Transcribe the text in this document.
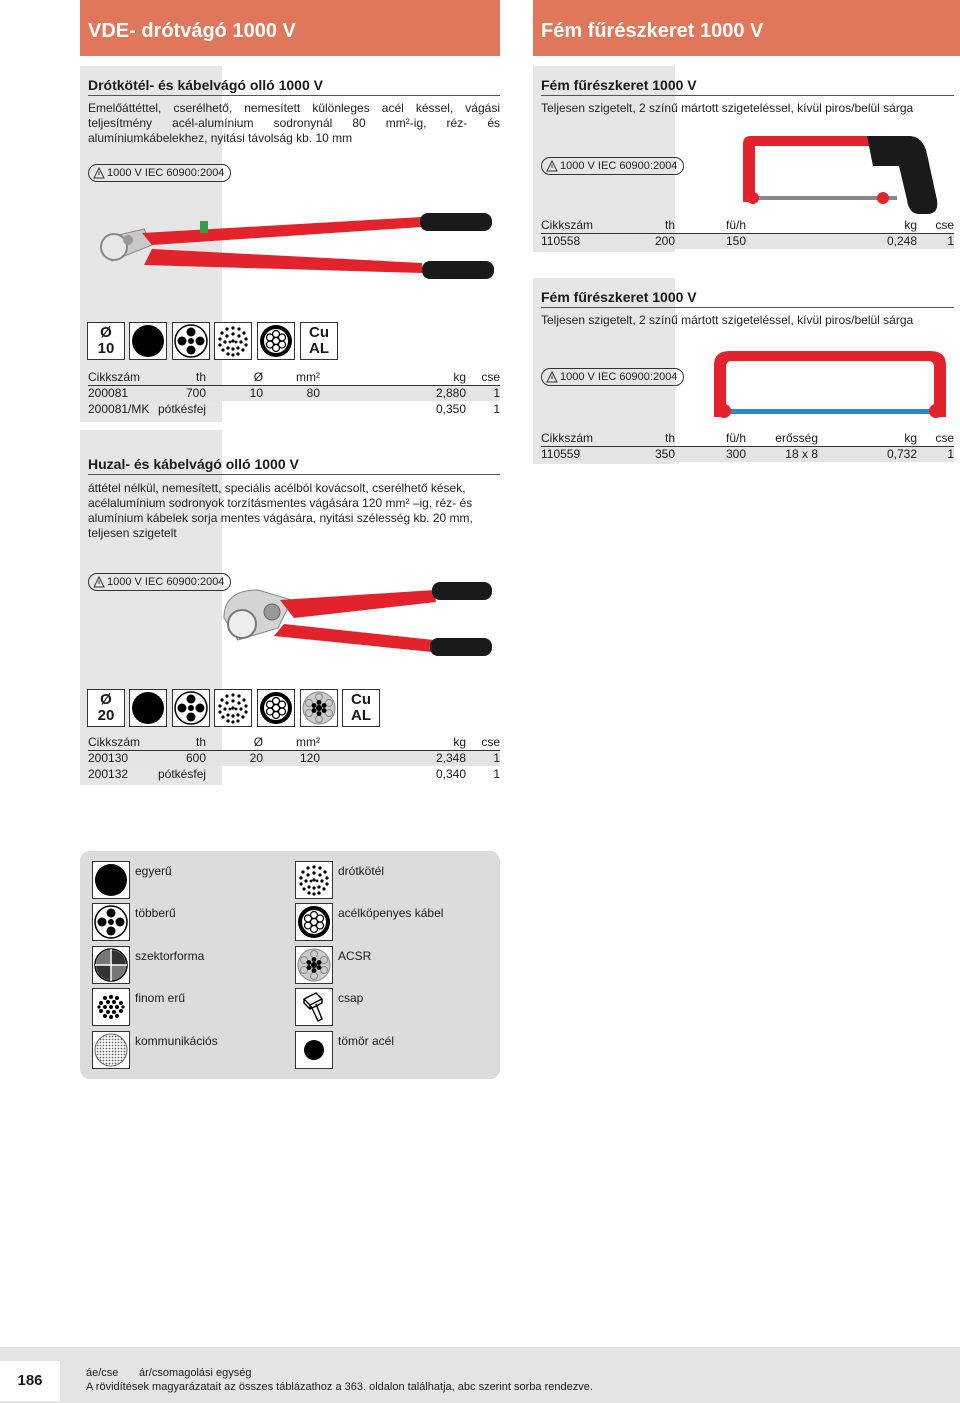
VDE- drótvágó 1000 V	Fém fűrészkeret 1000 V
Drótkötél- és kábelvágó olló 1000 V
Emelőáttéttel, cserélhető, nemesített különleges acél késsel, vágási teljesítmény acél-alumínium sodronynál 80 mm²-ig, réz- és alumíniumkábelekhez, nyitási távolság kb. 10 mm
1000 V IEC 60900:2004
Ø
10
Cu
AL
Cikkszám	th	Ø	mm²	kg	cse
200081	700	10	80	2,880	1
200081/MK	pótkésfej			0,350	1
Huzal- és kábelvágó olló 1000 V
áttétel nélkül, nemesített, speciális acélból kovácsolt, cserélhető kések, acélalumínium sodronyok torzításmentes vágására 120 mm² –ig, réz- és alumínium kábelek sorja mentes vágására, nyitási szélesség kb. 20 mm, teljesen szigetelt
1000 V IEC 60900:2004
Ø
20
Cu
AL
Cikkszám	th	Ø	mm²	kg	cse
200130	600	20	120	2,348	1
200132	pótkésfej			0,340	1
Fém fűrészkeret 1000 V
Teljesen szigetelt, 2 színű mártott szigeteléssel, kívül piros/belül sárga
1000 V IEC 60900:2004
Cikkszám	th	fü/h	kg	cse
110558	200	150	0,248	1
Fém fűrészkeret 1000 V
Teljesen szigetelt, 2 színű mártott szigeteléssel, kívül piros/belül sárga
1000 V IEC 60900:2004
Cikkszám	th	fü/h	erősség	kg	cse
110559	350	300	18 x 8	0,732	1
egyerű
többerű
szektorforma
finom erű
kommunikációs
drótkötél
acélköpenyes kábel
ACSR
csap
tömör acél
186	áe/cse ár/csomagolási egység
A rövidítések magyarázatait az összes táblázathoz a 363. oldalon találhatja, abc szerint sorba rendezve.
